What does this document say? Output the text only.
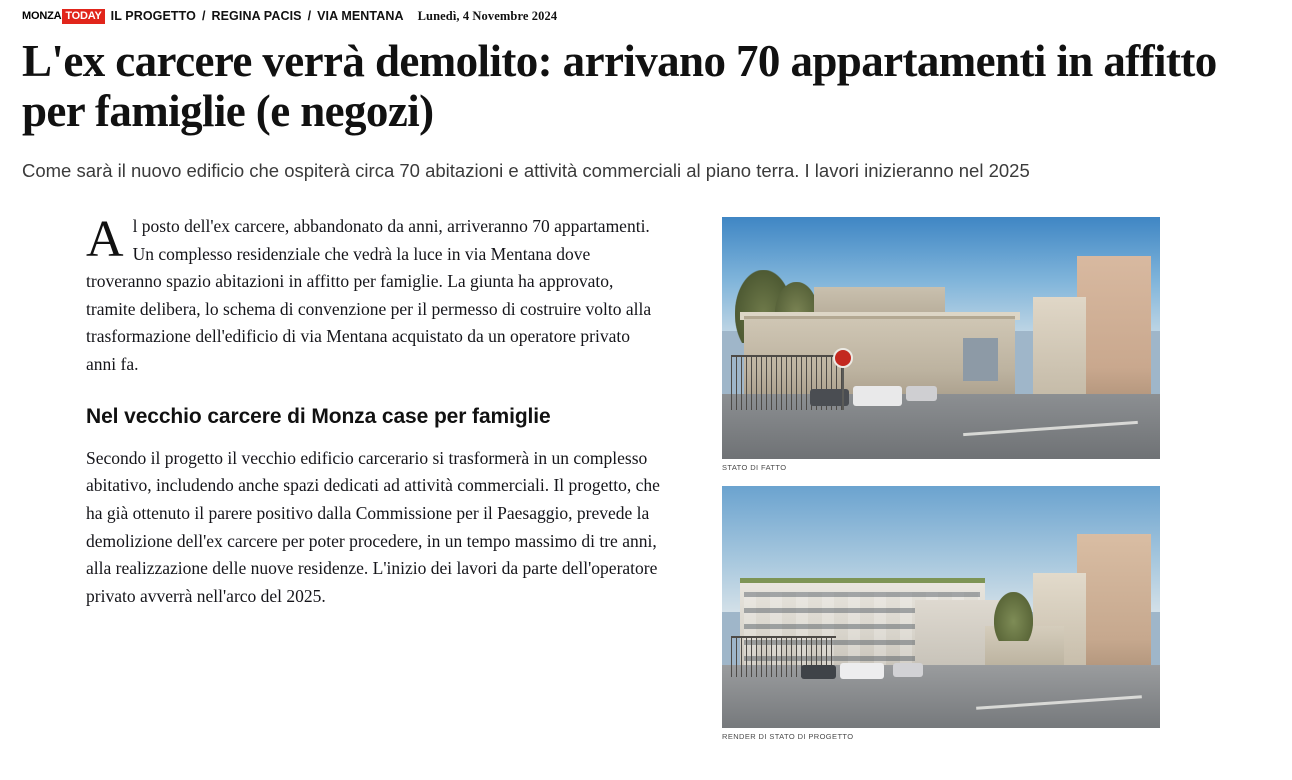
MONZA TODAY IL PROGETTO / REGINA PACIS / VIA MENTANA Lunedì, 4 Novembre 2024
L'ex carcere verrà demolito: arrivano 70 appartamenti in affitto per famiglie (e negozi)

Come sarà il nuovo edificio che ospiterà circa 70 abitazioni e attività commerciali al piano terra. I lavori inizieranno nel 2025

Al posto dell'ex carcere, abbandonato da anni, arriveranno 70 appartamenti. Un complesso residenziale che vedrà la luce in via Mentana dove troveranno spazio abitazioni in affitto per famiglie. La giunta ha approvato, tramite delibera, lo schema di convenzione per il permesso di costruire volto alla trasformazione dell'edificio di via Mentana acquistato da un operatore privato anni fa.

Nel vecchio carcere di Monza case per famiglie

Secondo il progetto il vecchio edificio carcerario si trasformerà in un complesso abitativo, includendo anche spazi dedicati ad attività commerciali. Il progetto, che ha già ottenuto il parere positivo dalla Commissione per il Paesaggio, prevede la demolizione dell'ex carcere per poter procedere, in un tempo massimo di tre anni, alla realizzazione delle nuove residenze. L'inizio dei lavori da parte dell'operatore privato avverrà nell'arco del 2025.

STATO DI FATTO
RENDER DI STATO DI PROGETTO
